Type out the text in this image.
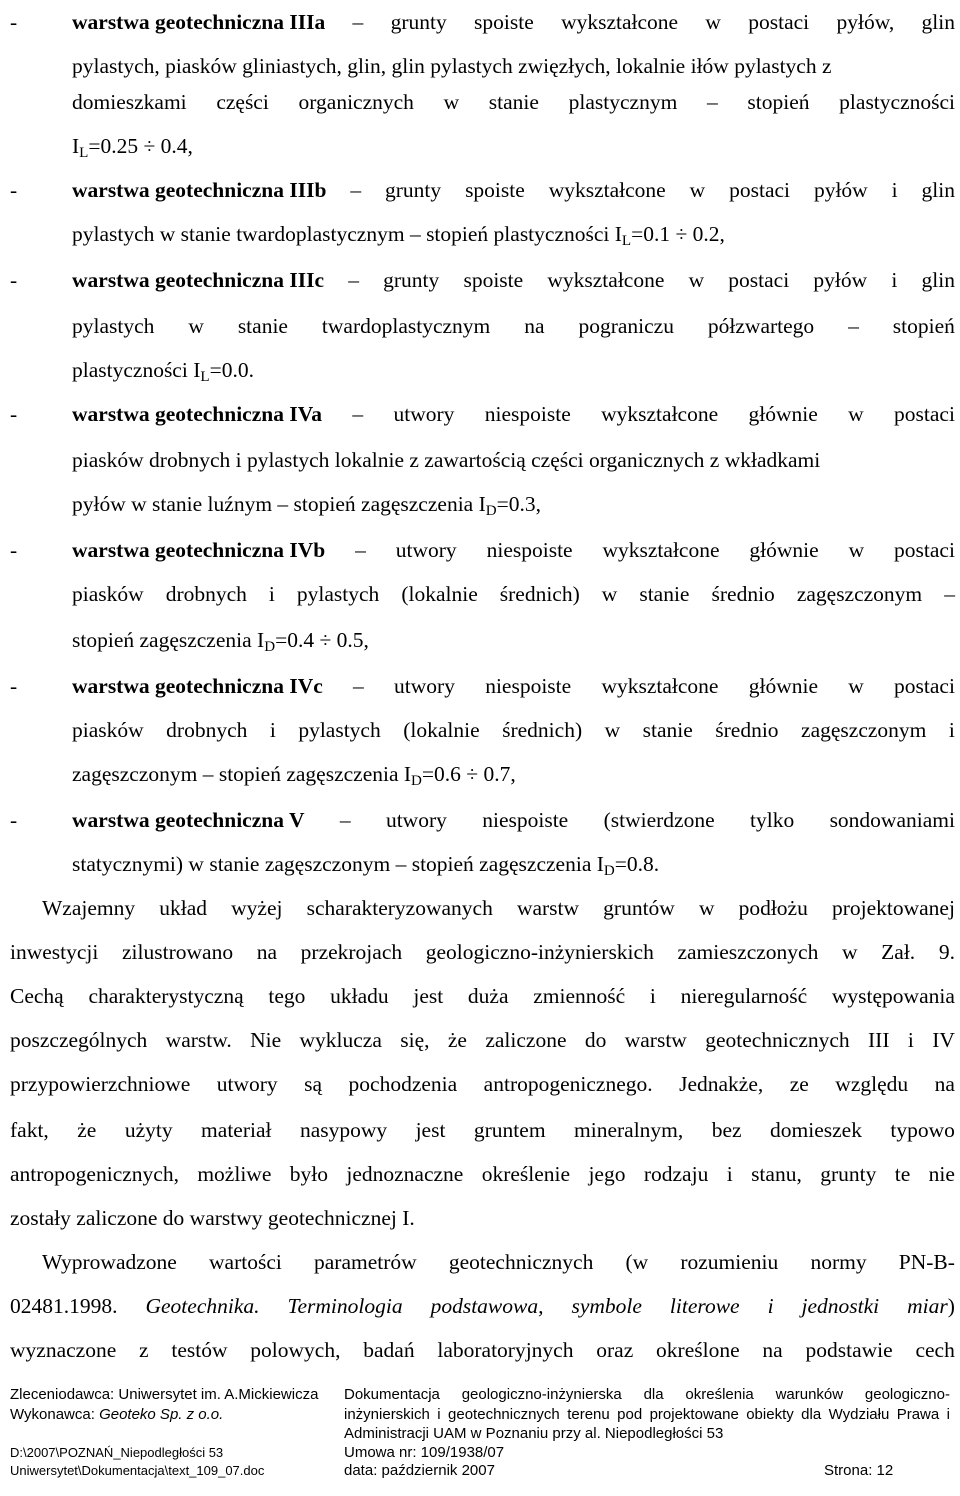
-	warstwa geotechniczna IIIa – grunty spoiste wykształcone w postaci pyłów, glin
pylastych, piasków gliniastych, glin, glin pylastych zwięzłych, lokalnie iłów pylastych z
domieszkami części organicznych w stanie plastycznym – stopień plastyczności
$I_L=0.25 \div 0.4$,
-	warstwa geotechniczna IIIb – grunty spoiste wykształcone w postaci pyłów i glin
pylastych w stanie twardoplastycznym – stopień plastyczności $I_L=0.1 \div 0.2$,
-	warstwa geotechniczna IIIc – grunty spoiste wykształcone w postaci pyłów i glin
pylastych w stanie twardoplastycznym na pograniczu półzwartego – stopień
plastyczności $I_L=0.0$.
-	warstwa geotechniczna IVa – utwory niespoiste wykształcone głównie w postaci
piasków drobnych i pylastych lokalnie z zawartością części organicznych z wkładkami
pyłów w stanie luźnym – stopień zagęszczenia $I_D=0.3$,
-	warstwa geotechniczna IVb – utwory niespoiste wykształcone głównie w postaci
piasków drobnych i pylastych (lokalnie średnich) w stanie średnio zagęszczonym –
stopień zagęszczenia $I_D=0.4 \div 0.5$,
-	warstwa geotechniczna IVc – utwory niespoiste wykształcone głównie w postaci
piasków drobnych i pylastych (lokalnie średnich) w stanie średnio zagęszczonym i
zagęszczonym – stopień zagęszczenia $I_D=0.6 \div 0.7$,
-	warstwa geotechniczna V – utwory niespoiste (stwierdzone tylko sondowaniami
statycznymi) w stanie zagęszczonym – stopień zagęszczenia $I_D=0.8$.
Wzajemny układ wyżej scharakteryzowanych warstw gruntów w podłożu projektowanej
inwestycji zilustrowano na przekrojach geologiczno-inżynierskich zamieszczonych w Zał. 9.
Cechą charakterystyczną tego układu jest duża zmienność i nieregularność występowania
poszczególnych warstw. Nie wyklucza się, że zaliczone do warstw geotechnicznych III i IV
przypowierzchniowe utwory są pochodzenia antropogenicznego. Jednakże, ze względu na
fakt, że użyty materiał nasypowy jest gruntem mineralnym, bez domieszek typowo
antropogenicznych, możliwe było jednoznaczne określenie jego rodzaju i stanu, grunty te nie
zostały zaliczone do warstwy geotechnicznej I.
Wyprowadzone wartości parametrów geotechnicznych (w rozumieniu normy PN-B-
02481.1998. Geotechnika. Terminologia podstawowa, symbole literowe i jednostki miar)
wyznaczone z testów polowych, badań laboratoryjnych oraz określone na podstawie cech
Zleceniodawca: Uniwersytet im. A.Mickiewicza
Wykonawca: Geoteko Sp. z o.o.
D:\2007\POZNAŃ_Niepodległości 53
Uniwersytet\Dokumentacja\text_109_07.doc
Dokumentacja geologiczno-inżynierska dla określenia warunków geologiczno-
inżynierskich i geotechnicznych terenu pod projektowane obiekty dla Wydziału Prawa i
Administracji UAM w Poznaniu przy al. Niepodległości 53
Umowa nr: 109/1938/07
data: październik 2007	Strona: 12
